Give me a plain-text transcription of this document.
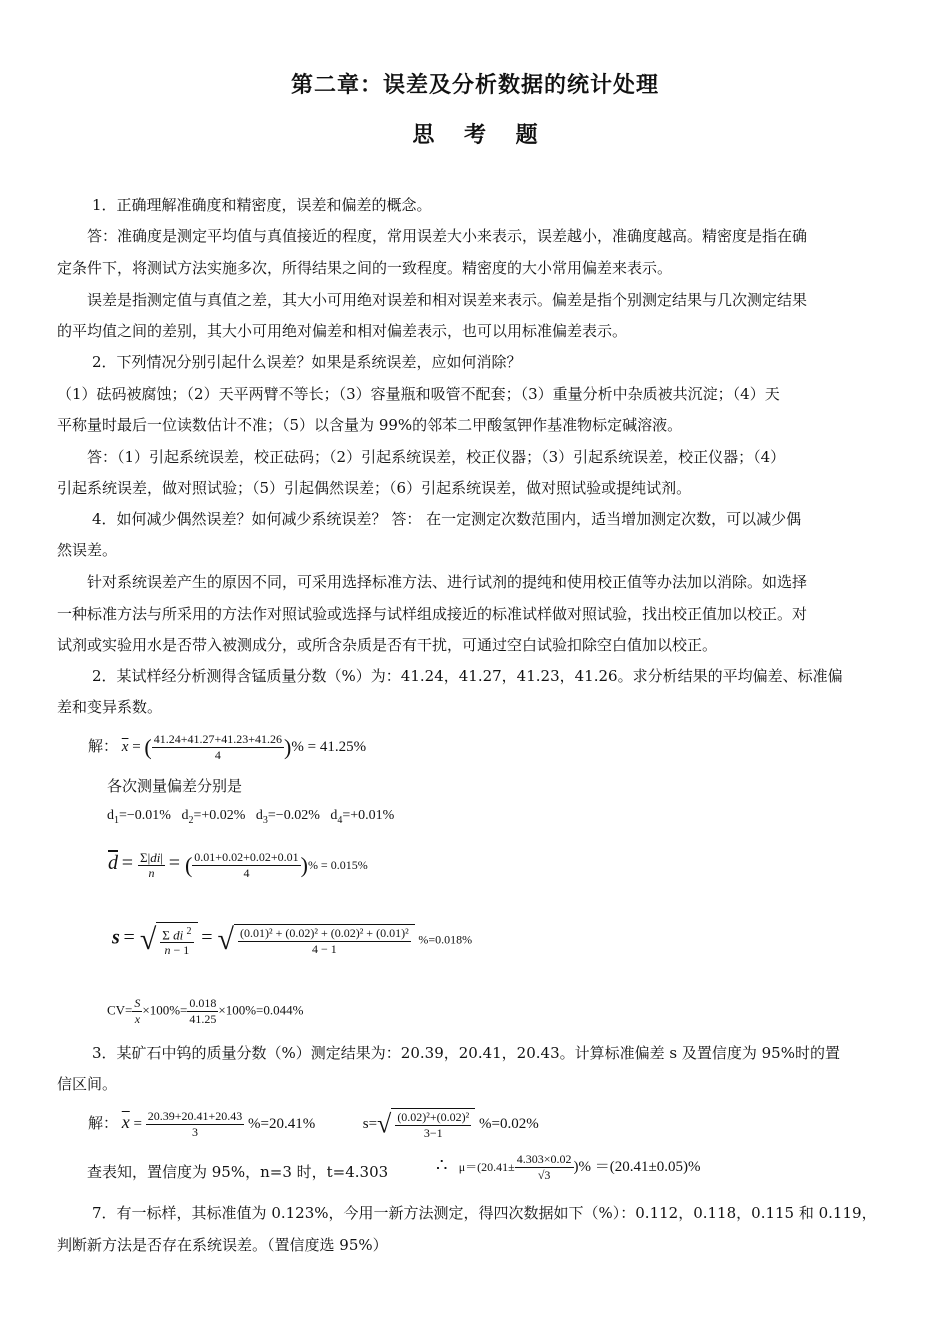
第二章：误差及分析数据的统计处理
思 考 题
1．正确理解准确度和精密度，误差和偏差的概念。
答：准确度是测定平均值与真值接近的程度，常用误差大小来表示，误差越小，准确度越高。精密度是指在确
定条件下，将测试方法实施多次，所得结果之间的一致程度。精密度的大小常用偏差来表示。
误差是指测定值与真值之差，其大小可用绝对误差和相对误差来表示。偏差是指个别测定结果与几次测定结果
的平均值之间的差别，其大小可用绝对偏差和相对偏差表示，也可以用标准偏差表示。
2．下列情况分别引起什么误差？如果是系统误差，应如何消除？
（1）砝码被腐蚀；（2）天平两臂不等长；（3）容量瓶和吸管不配套；（3）重量分析中杂质被共沉淀；（4）天
平称量时最后一位读数估计不准；（5）以含量为 99%的邻苯二甲酸氢钾作基准物标定碱溶液。
答：（1）引起系统误差，校正砝码；（2）引起系统误差，校正仪器；（3）引起系统误差，校正仪器；（4）
引起系统误差，做对照试验；（5）引起偶然误差；（6）引起系统误差，做对照试验或提纯试剂。
4．如何减少偶然误差？如何减少系统误差？ 答： 在一定测定次数范围内，适当增加测定次数，可以减少偶
然误差。
针对系统误差产生的原因不同，可采用选择标准方法、进行试剂的提纯和使用校正值等办法加以消除。如选择
一种标准方法与所采用的方法作对照试验或选择与试样组成接近的标准试样做对照试验，找出校正值加以校正。对
试剂或实验用水是否带入被测成分，或所含杂质是否有干扰，可通过空白试验扣除空白值加以校正。
2．某试样经分析测得含锰质量分数（%）为：41.24，41.27，41.23，41.26。求分析结果的平均偏差、标准偏
差和变异系数。
解： $\overline{x}$ = ( $\frac{41.24+41.27+41.23+41.26}{4}$ )% = 41.25%
各次测量偏差分别是
$d_1=-0.01\%$   $d_2=+0.02\%$   $d_3=-0.02\%$   $d_4=+0.01\%$
$\overline{d} = \frac{\Sigma|di|}{n}$ = ( $\frac{0.01+0.02+0.02+0.01}{4}$ )% = 0.015%
s = √ $\frac{\Sigma di ^2}{n - 1}$ = √ $\frac{\text{(0.01)² + (0.02)² + (0.02)² + (0.01)²}}{4 - 1} \%=0.018\%$
$CV= \frac{S}{x} \times 100\%= \frac{0.018}{41.25} \times 100\%=0.044\%$
3．某矿石中钨的质量分数（%）测定结果为：20.39，20.41，20.43。计算标准偏差 s 及置信度为 95%时的置
信区间。
解： $\overline{x} = \frac{20.39+20.41+20.43}{3} \%=20.41\%$	$s=√ \frac{\text{(0.02)²+(0.02)²}}{3-1} \%=0.02\%$
查表知，置信度为 95%，n=3 时，t=4.303	∴ $\mu=(20.41\pm \frac{4.303\times 0.02}{√3}$ )% ＝(20.41±0.05)%
7．有一标样，其标准值为 0.123%，今用一新方法测定，得四次数据如下（%）：0.112，0.118，0.115 和 0.119，
判断新方法是否存在系统误差。（置信度选 95%）
